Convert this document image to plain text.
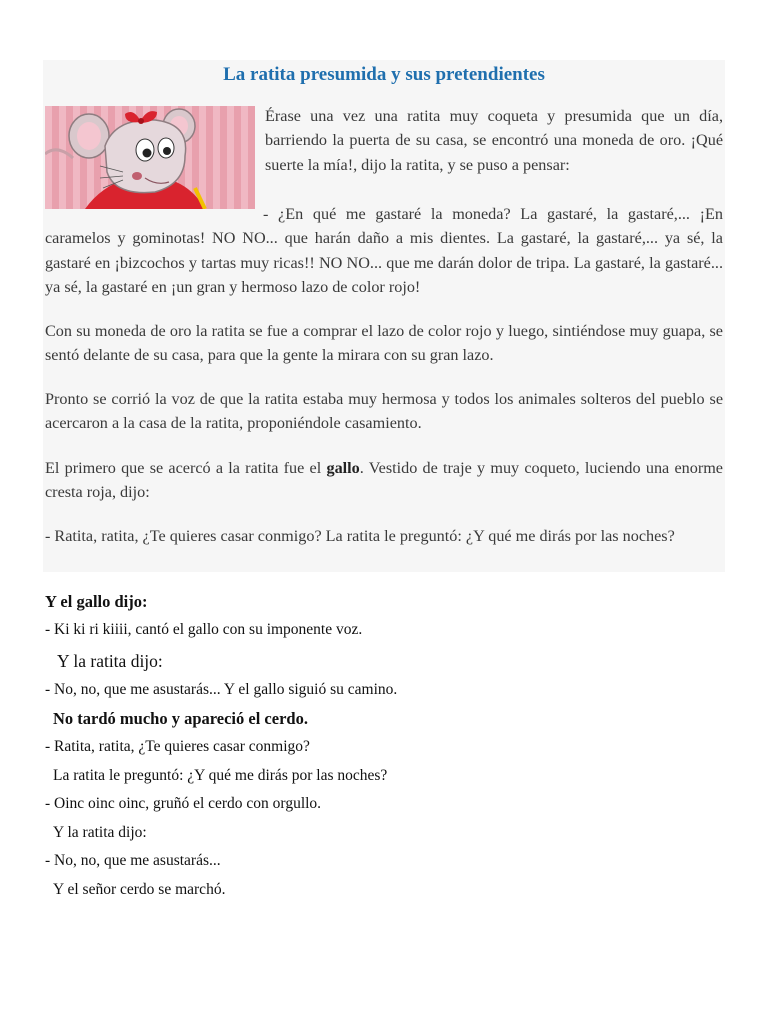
La ratita presumida y sus pretendientes

Érase una vez una ratita muy coqueta y presumida que un día, barriendo la puerta de su casa, se encontró una moneda de oro. ¡Qué suerte la mía!, dijo la ratita, y se puso a pensar:

- ¿En qué me gastaré la moneda? La gastaré, la gastaré,... ¡En caramelos y gominotas! NO NO... que harán daño a mis dientes. La gastaré, la gastaré,... ya sé, la gastaré en ¡bizcochos y tartas muy ricas!! NO NO... que me darán dolor de tripa. La gastaré, la gastaré... ya sé, la gastaré en ¡un gran y hermoso lazo de color rojo!

Con su moneda de oro la ratita se fue a comprar el lazo de color rojo y luego, sintiéndose muy guapa, se sentó delante de su casa, para que la gente la mirara con su gran lazo.

Pronto se corrió la voz de que la ratita estaba muy hermosa y todos los animales solteros del pueblo se acercaron a la casa de la ratita, proponiéndole casamiento.

El primero que se acercó a la ratita fue el gallo. Vestido de traje y muy coqueto, luciendo una enorme cresta roja, dijo:

- Ratita, ratita, ¿Te quieres casar conmigo? La ratita le preguntó: ¿Y qué me dirás por las noches?

Y el gallo dijo:
- Ki ki ri kiiii, cantó el gallo con su imponente voz.
Y la ratita dijo:
- No, no, que me asustarás... Y el gallo siguió su camino.
No tardó mucho y apareció el cerdo.
- Ratita, ratita, ¿Te quieres casar conmigo?
La ratita le preguntó: ¿Y qué me dirás por las noches?
- Oinc oinc oinc, gruñó el cerdo con orgullo.
Y la ratita dijo:
- No, no, que me asustarás...
Y el señor cerdo se marchó.
